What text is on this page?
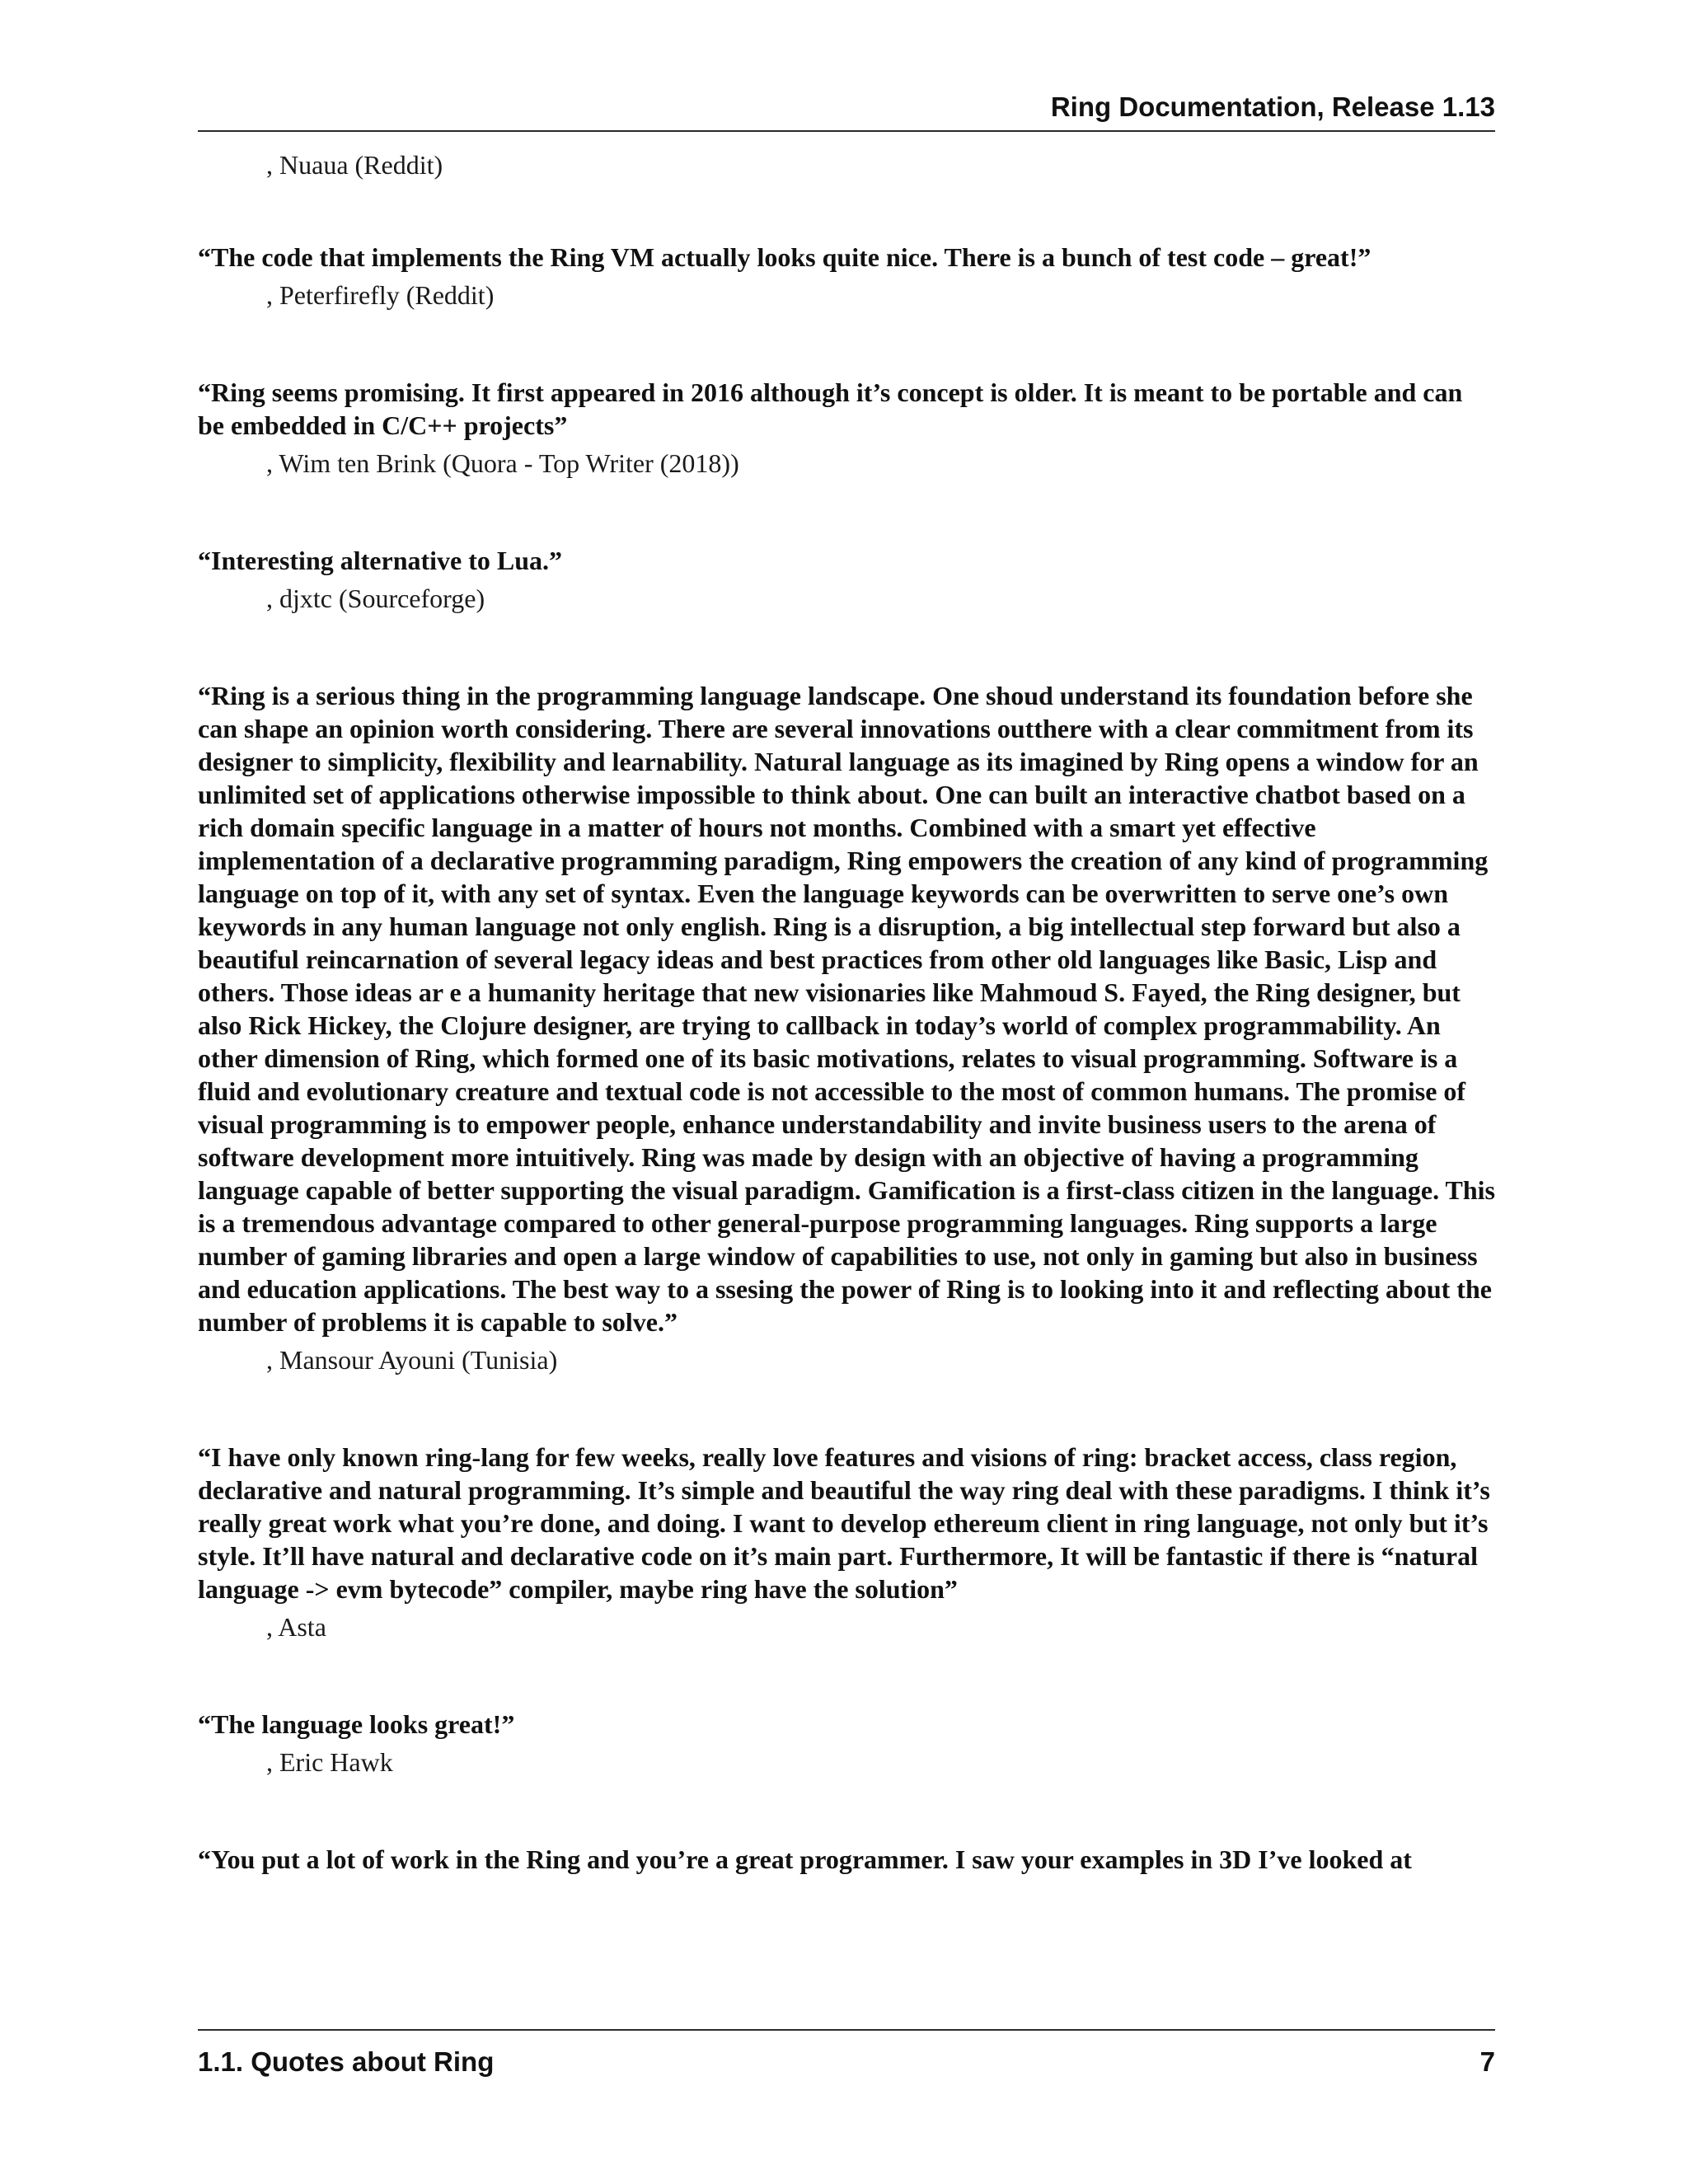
Ring Documentation, Release 1.13
, Nuaua (Reddit)

“The code that implements the Ring VM actually looks quite nice. There is a bunch of test code – great!”

, Peterfirefly (Reddit)

“Ring seems promising. It first appeared in 2016 although it’s concept is older. It is meant to be portable and can be embedded in C/C++ projects”

, Wim ten Brink (Quora - Top Writer (2018))

“Interesting alternative to Lua.”

, djxtc (Sourceforge)

“Ring is a serious thing in the programming language landscape. One shoud understand its foundation before she can shape an opinion worth considering. There are several innovations outthere with a clear commitment from its designer to simplicity, flexibility and learnability. Natural language as its imagined by Ring opens a window for an unlimited set of applications otherwise impossible to think about. One can built an interactive chatbot based on a rich domain specific language in a matter of hours not months. Combined with a smart yet effective implementation of a declarative programming paradigm, Ring empowers the creation of any kind of programming language on top of it, with any set of syntax. Even the language keywords can be overwritten to serve one’s own keywords in any human language not only english. Ring is a disruption, a big intellectual step forward but also a beautiful reincarnation of several legacy ideas and best practices from other old languages like Basic, Lisp and others. Those ideas ar e a humanity heritage that new visionaries like Mahmoud S. Fayed, the Ring designer, but also Rick Hickey, the Clojure designer, are trying to callback in today’s world of complex programmability. An other dimension of Ring, which formed one of its basic motivations, relates to visual programming. Software is a fluid and evolutionary creature and textual code is not accessible to the most of common humans. The promise of visual programming is to empower people, enhance understandability and invite business users to the arena of software development more intuitively. Ring was made by design with an objective of having a programming language capable of better supporting the visual paradigm. Gamification is a first-class citizen in the language. This is a tremendous advantage compared to other general-purpose programming languages. Ring supports a large number of gaming libraries and open a large window of capabilities to use, not only in gaming but also in business and education applications. The best way to a ssesing the power of Ring is to looking into it and reflecting about the number of problems it is capable to solve.”

, Mansour Ayouni (Tunisia)

“I have only known ring-lang for few weeks, really love features and visions of ring: bracket access, class region, declarative and natural programming. It’s simple and beautiful the way ring deal with these paradigms. I think it’s really great work what you’re done, and doing. I want to develop ethereum client in ring language, not only but it’s style. It’ll have natural and declarative code on it’s main part. Furthermore, It will be fantastic if there is “natural language -> evm bytecode” compiler, maybe ring have the solution”

, Asta

“The language looks great!”

, Eric Hawk

“You put a lot of work in the Ring and you’re a great programmer. I saw your examples in 3D I’ve looked at

1.1. Quotes about Ring	7
